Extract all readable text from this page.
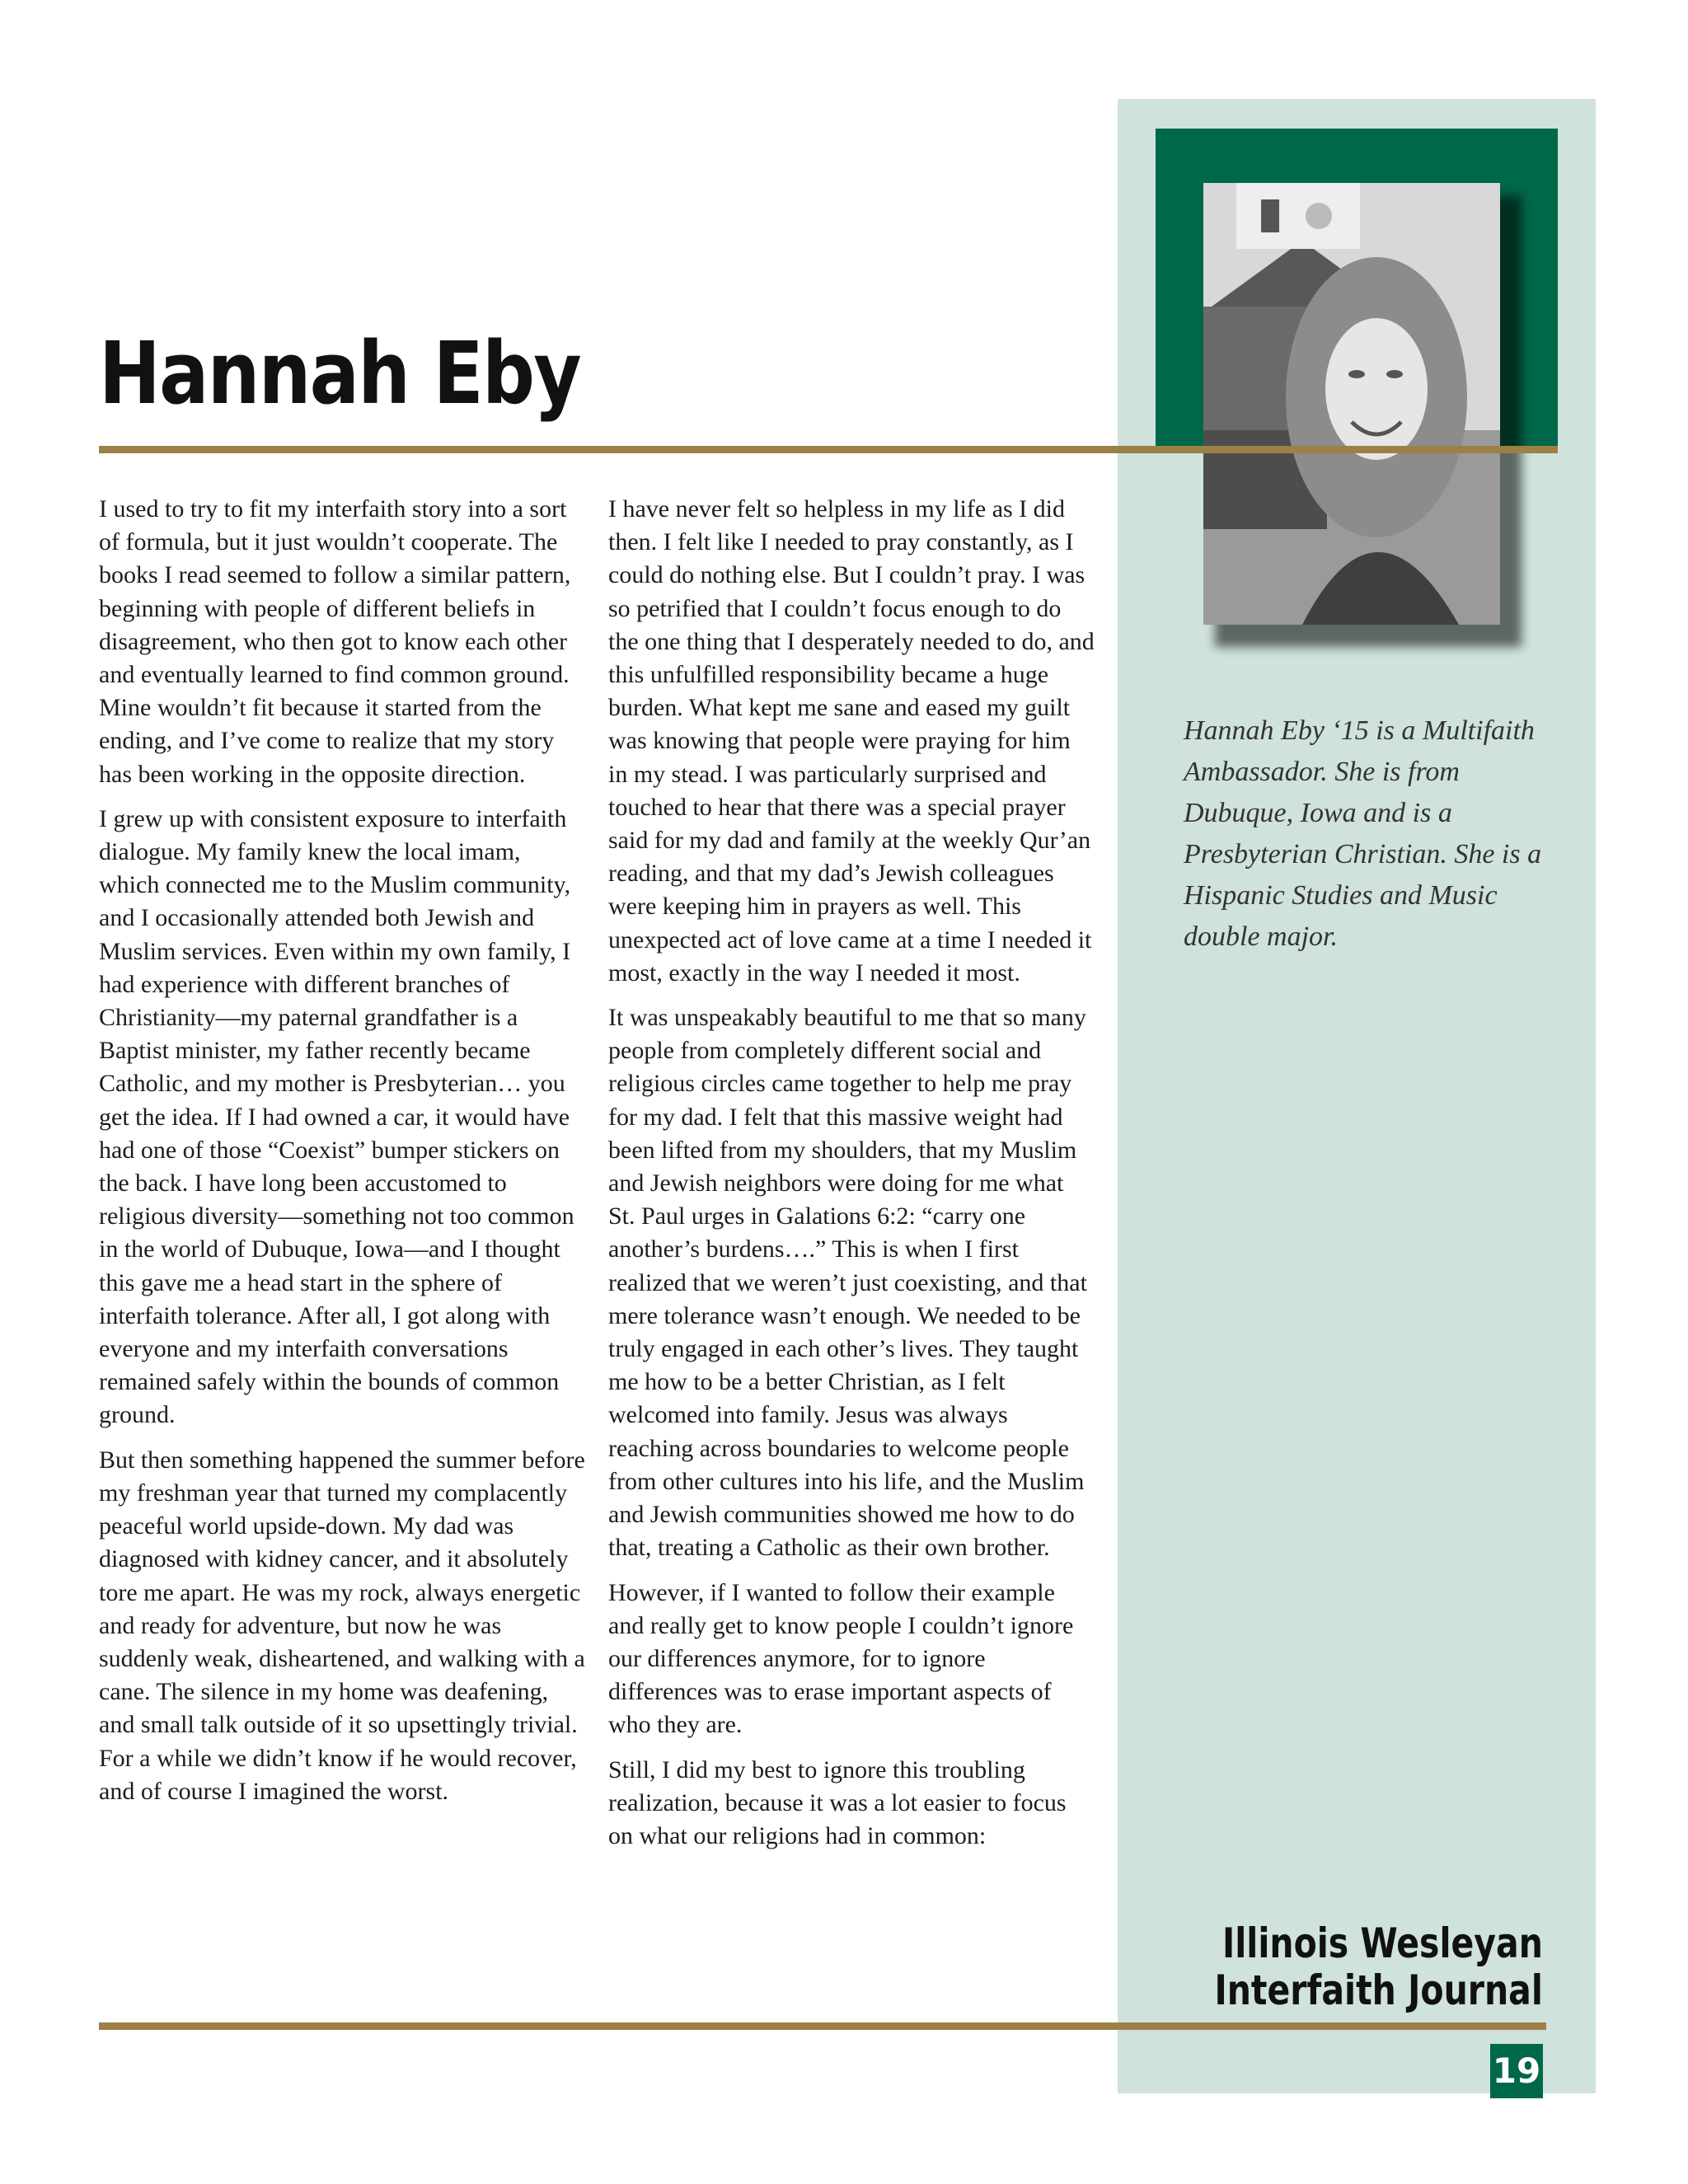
Hannah Eby

I used to try to fit my interfaith story into a sort of formula, but it just wouldn’t cooperate. The books I read seemed to follow a similar pattern, beginning with people of different beliefs in disagreement, who then got to know each other and eventually learned to find common ground. Mine wouldn’t fit because it started from the ending, and I’ve come to realize that my story has been working in the opposite direction.

I grew up with consistent exposure to interfaith dialogue. My family knew the local imam, which connected me to the Muslim community, and I occasionally attended both Jewish and Muslim services. Even within my own family, I had experience with different branches of Christianity—my paternal grandfather is a Baptist minister, my father recently became Catholic, and my mother is Presbyterian… you get the idea. If I had owned a car, it would have had one of those “Coexist” bumper stickers on the back. I have long been accustomed to religious diversity—something not too common in the world of Dubuque, Iowa—and I thought this gave me a head start in the sphere of interfaith tolerance. After all, I got along with everyone and my interfaith conversations remained safely within the bounds of common ground.

But then something happened the summer before my freshman year that turned my complacently peaceful world upside-down. My dad was diagnosed with kidney cancer, and it absolutely tore me apart. He was my rock, always energetic and ready for adventure, but now he was suddenly weak, disheartened, and walking with a cane. The silence in my home was deafening, and small talk outside of it so upsettingly trivial. For a while we didn’t know if he would recover, and of course I imagined the worst.

I have never felt so helpless in my life as I did then. I felt like I needed to pray constantly, as I could do nothing else. But I couldn’t pray. I was so petrified that I couldn’t focus enough to do the one thing that I desperately needed to do, and this unfulfilled responsibility became a huge burden. What kept me sane and eased my guilt was knowing that people were praying for him in my stead. I was particularly surprised and touched to hear that there was a special prayer said for my dad and family at the weekly Qur’an reading, and that my dad’s Jewish colleagues were keeping him in prayers as well. This unexpected act of love came at a time I needed it most, exactly in the way I needed it most.

It was unspeakably beautiful to me that so many people from completely different social and religious circles came together to help me pray for my dad. I felt that this massive weight had been lifted from my shoulders, that my Muslim and Jewish neighbors were doing for me what St. Paul urges in Galations 6:2: “carry one another’s burdens….” This is when I first realized that we weren’t just coexisting, and that mere tolerance wasn’t enough. We needed to be truly engaged in each other’s lives. They taught me how to be a better Christian, as I felt welcomed into family. Jesus was always reaching across boundaries to welcome people from other cultures into his life, and the Muslim and Jewish communities showed me how to do that, treating a Catholic as their own brother.

However, if I wanted to follow their example and really get to know people I couldn’t ignore our differences anymore, for to ignore differences was to erase important aspects of who they are.

Still, I did my best to ignore this troubling realization, because it was a lot easier to focus on what our religions had in common:

Hannah Eby ‘15 is a Multifaith Ambassador. She is from Dubuque, Iowa and is a Presbyterian Christian. She is a Hispanic Studies and Music double major.

Illinois Wesleyan
Interfaith Journal
19
